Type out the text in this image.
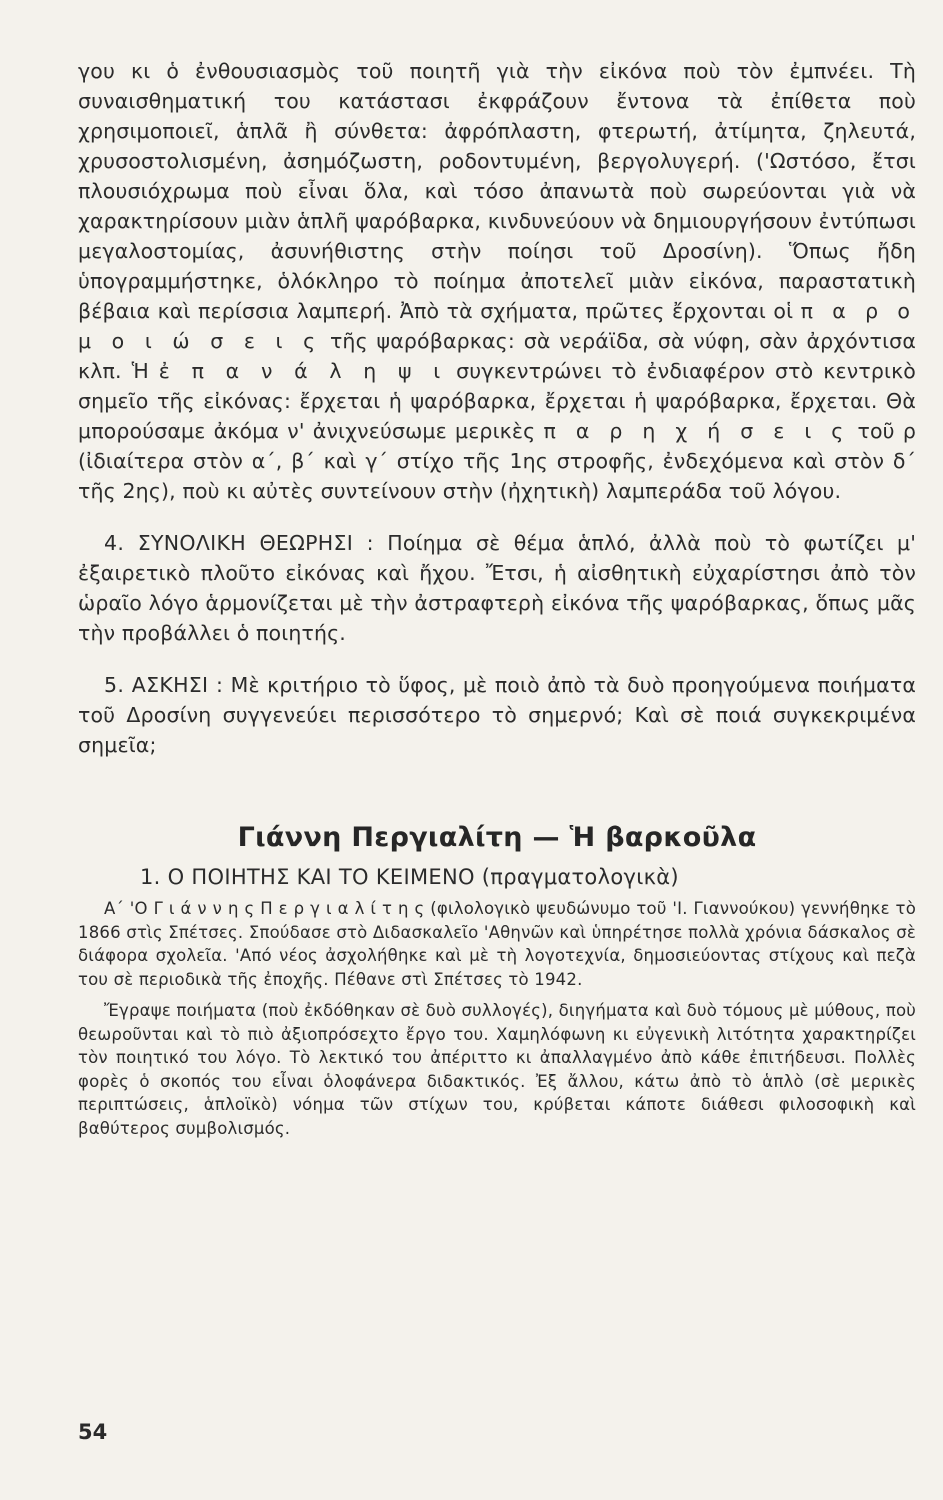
γου κι ὁ ἐνθουσιασμὸς τοῦ ποιητῆ γιὰ τὴν εἰκόνα ποὺ τὸν ἐμπνέει. Τὴ συναισθηματική του κατάστασι ἐκφράζουν ἔντονα τὰ ἐπίθετα ποὺ χρησιμοποιεῖ, ἁπλᾶ ἢ σύνθετα: ἀφρόπλαστη, φτερωτή, ἀτίμητα, ζηλευτά, χρυσοστολισμένη, ἀσημόζωστη, ροδοντυμένη, βεργολυγερή. ('Ωστόσο, ἔτσι πλουσιόχρωμα ποὺ εἶναι ὅλα, καὶ τόσο ἀπανωτὰ ποὺ σωρεύονται γιὰ νὰ χαρακτηρίσουν μιὰν ἁπλῆ ψαρόβαρκα, κινδυνεύουν νὰ δημιουργήσουν ἐντύπωσι μεγαλοστομίας, ἀσυνήθιστης στὴν ποίησι τοῦ Δροσίνη). Ὅπως ἤδη ὑπογραμμήστηκε, ὁλόκληρο τὸ ποίημα ἀποτελεῖ μιὰν εἰκόνα, παραστατικὴ βέβαια καὶ περίσσια λαμπερή. Ἀπὸ τὰ σχήματα, πρῶτες ἔρχονται οἱ π α ρ ο μ ο ι ώ σ ε ι ς τῆς ψαρόβαρκας: σὰ νεράϊδα, σὰ νύφη, σὰν ἀρχόντισα κλπ. Ἡ ἐ π α ν ά λ η ψ ι συγκεντρώνει τὸ ἐνδιαφέρον στὸ κεντρικὸ σημεῖο τῆς εἰκόνας: ἔρχεται ἡ ψαρόβαρκα, ἔρχεται ἡ ψαρόβαρκα, ἔρχεται. Θὰ μπορούσαμε ἀκόμα ν' ἀνιχνεύσωμε μερικὲς π α ρ η χ ή σ ε ι ς τοῦ ρ (ἰδιαίτερα στὸν α΄, β΄ καὶ γ΄ στίχο τῆς 1ης στροφῆς, ἐνδεχόμενα καὶ στὸν δ΄ τῆς 2ης), ποὺ κι αὐτὲς συντείνουν στὴν (ἠχητικὴ) λαμπεράδα τοῦ λόγου.

4. ΣΥΝΟΛΙΚΗ ΘΕΩΡΗΣΙ : Ποίημα σὲ θέμα ἁπλό, ἀλλὰ ποὺ τὸ φωτίζει μ' ἐξαιρετικὸ πλοῦτο εἰκόνας καὶ ἤχου. Ἔτσι, ἡ αἰσθητικὴ εὐχαρίστησι ἀπὸ τὸν ὡραῖο λόγο ἁρμονίζεται μὲ τὴν ἀστραφτερὴ εἰκόνα τῆς ψαρόβαρκας, ὅπως μᾶς τὴν προβάλλει ὁ ποιητής.

5. ΑΣΚΗΣΙ : Μὲ κριτήριο τὸ ὕφος, μὲ ποιὸ ἀπὸ τὰ δυὸ προηγούμενα ποιήματα τοῦ Δροσίνη συγγενεύει περισσότερο τὸ σημερνό; Καὶ σὲ ποιά συγκεκριμένα σημεῖα;

Γιάννη Περγιαλίτη — Ἡ βαρκοῦλα
1. Ο ΠΟΙΗΤΗΣ ΚΑΙ ΤΟ ΚΕΙΜΕΝΟ (πραγματολογικὰ)

Α΄ 'Ο Γ ι ά ν ν η ς Π ε ρ γ ι α λ ί τ η ς (φιλολογικὸ ψευδώνυμο τοῦ 'Ι. Γιαννούκου) γεννήθηκε τὸ 1866 στὶς Σπέτσες. Σπούδασε στὸ Διδασκαλεῖο 'Αθηνῶν καὶ ὑπηρέτησε πολλὰ χρόνια δάσκαλος σὲ διάφορα σχολεῖα. 'Από νέος ἀσχολήθηκε καὶ μὲ τὴ λογοτεχνία, δημοσιεύοντας στίχους καὶ πεζὰ του σὲ περιοδικὰ τῆς ἐποχῆς. Πέθανε στὶ Σπέτσες τὸ 1942.

Ἔγραψε ποιήματα (ποὺ ἐκδόθηκαν σὲ δυὸ συλλογές), διηγήματα καὶ δυὸ τόμους μὲ μύθους, ποὺ θεωροῦνται καὶ τὸ πιὸ ἀξιοπρόσεχτο ἔργο του. Χαμηλόφωνη κι εὐγενικὴ λιτότητα χαρακτηρίζει τὸν ποιητικό του λόγο. Τὸ λεκτικό του ἀπέριττο κι ἀπαλλαγμένο ἀπὸ κάθε ἐπιτήδευσι. Πολλὲς φορὲς ὁ σκοπός του εἶναι ὁλοφάνερα διδακτικός. Ἐξ ἄλλου, κάτω ἀπὸ τὸ ἁπλὸ (σὲ μερικὲς περιπτώσεις, ἁπλοϊκὸ) νόημα τῶν στίχων του, κρύβεται κάποτε διάθεσι φιλοσοφικὴ καὶ βαθύτερος συμβολισμός.

54
